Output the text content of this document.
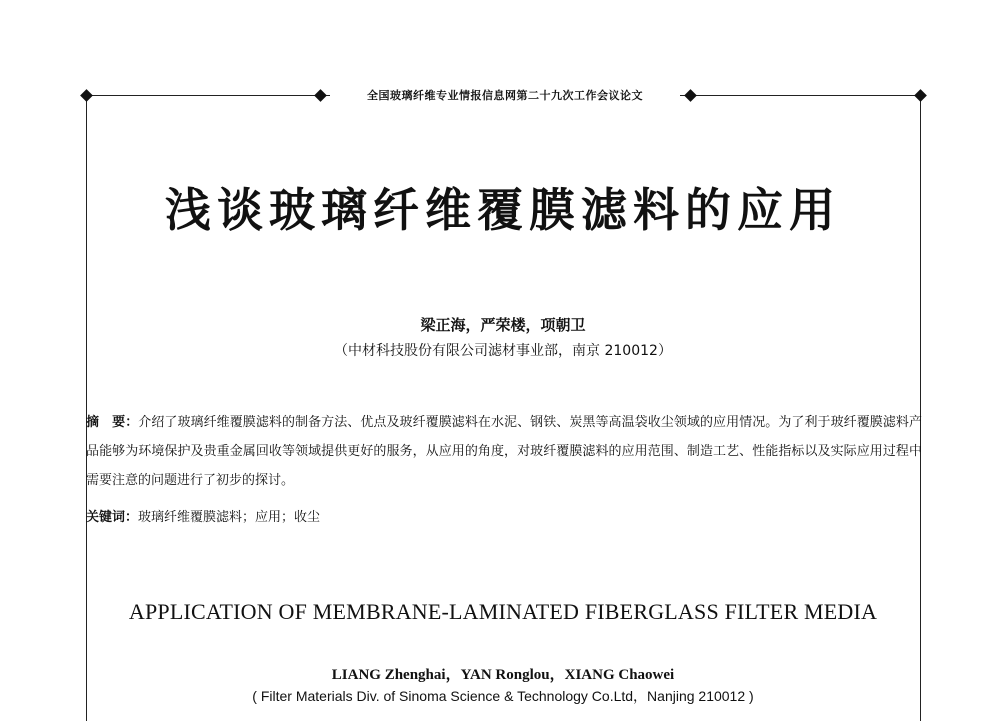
全国玻璃纤维专业情报信息网第二十九次工作会议论文
浅谈玻璃纤维覆膜滤料的应用
梁正海，严荣楼，项朝卫
（中材科技股份有限公司滤材事业部，南京 210012）
摘　要：介绍了玻璃纤维覆膜滤料的制备方法、优点及玻纤覆膜滤料在水泥、钢铁、炭黑等高温袋收尘领域的应用情况。为了利于玻纤覆膜滤料产品能够为环境保护及贵重金属回收等领域提供更好的服务，从应用的角度，对玻纤覆膜滤料的应用范围、制造工艺、性能指标以及实际应用过程中需要注意的问题进行了初步的探讨。
关键词：玻璃纤维覆膜滤料；应用；收尘
APPLICATION OF MEMBRANE-LAMINATED FIBERGLASS FILTER MEDIA
LIANG Zhenghai，YAN Ronglou，XIANG Chaowei
( Filter Materials Div. of Sinoma Science & Technology Co.Ltd，Nanjing 210012 )
